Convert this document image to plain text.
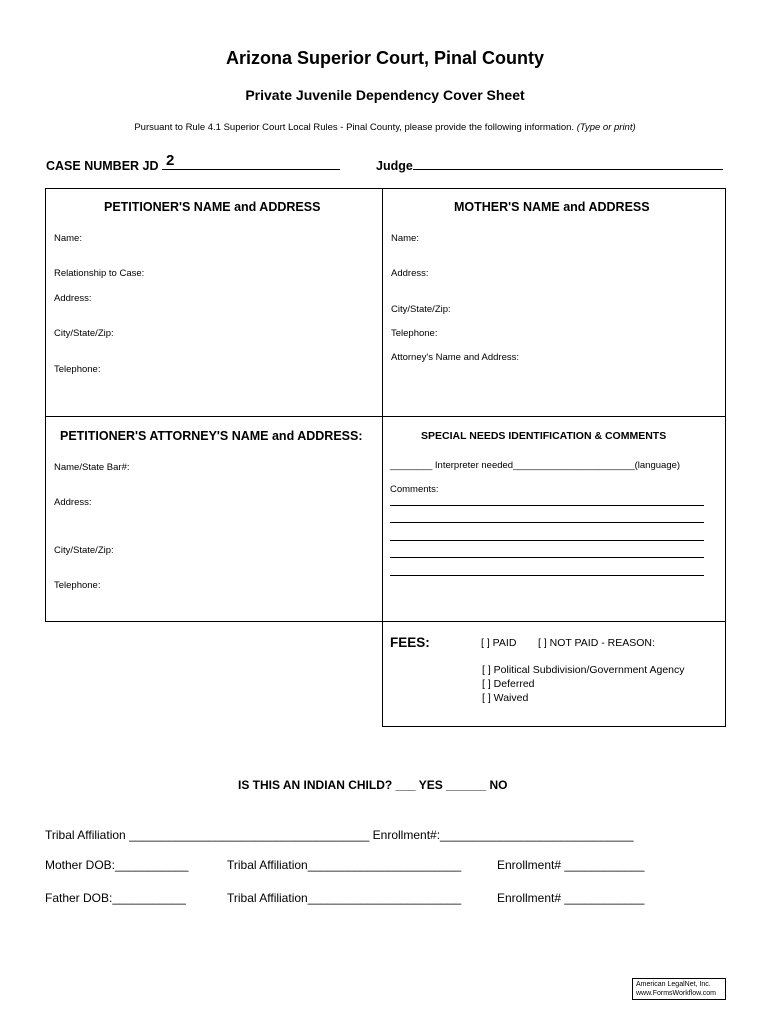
Arizona Superior Court, Pinal County
Private Juvenile Dependency Cover Sheet
Pursuant to Rule 4.1 Superior Court Local Rules - Pinal County, please provide the following information. (Type or print)
CASE NUMBER JD 2	Judge
PETITIONER'S NAME and ADDRESS
Name:
Relationship to Case:
Address:
City/State/Zip:
Telephone:
MOTHER'S NAME and ADDRESS
Name:
Address:
City/State/Zip:
Telephone:
Attorney's Name and Address:
PETITIONER'S ATTORNEY'S NAME and ADDRESS:
Name/State Bar#:
Address:
City/State/Zip:
Telephone:
SPECIAL NEEDS IDENTIFICATION & COMMENTS
________ Interpreter needed_______________________(language)
Comments:
FEES:	[ ] PAID [ ] NOT PAID - REASON:
[ ] Political Subdivision/Government Agency
[ ] Deferred
[ ] Waived
IS THIS AN INDIAN CHILD? ___ YES ______ NO
Tribal Affiliation ____________________________________ Enrollment#:_____________________________
Mother DOB:___________	Tribal Affiliation_______________________	Enrollment# ____________
Father DOB:___________	Tribal Affiliation_______________________	Enrollment# ____________
American LegalNet, Inc.
www.FormsWorkflow.com
